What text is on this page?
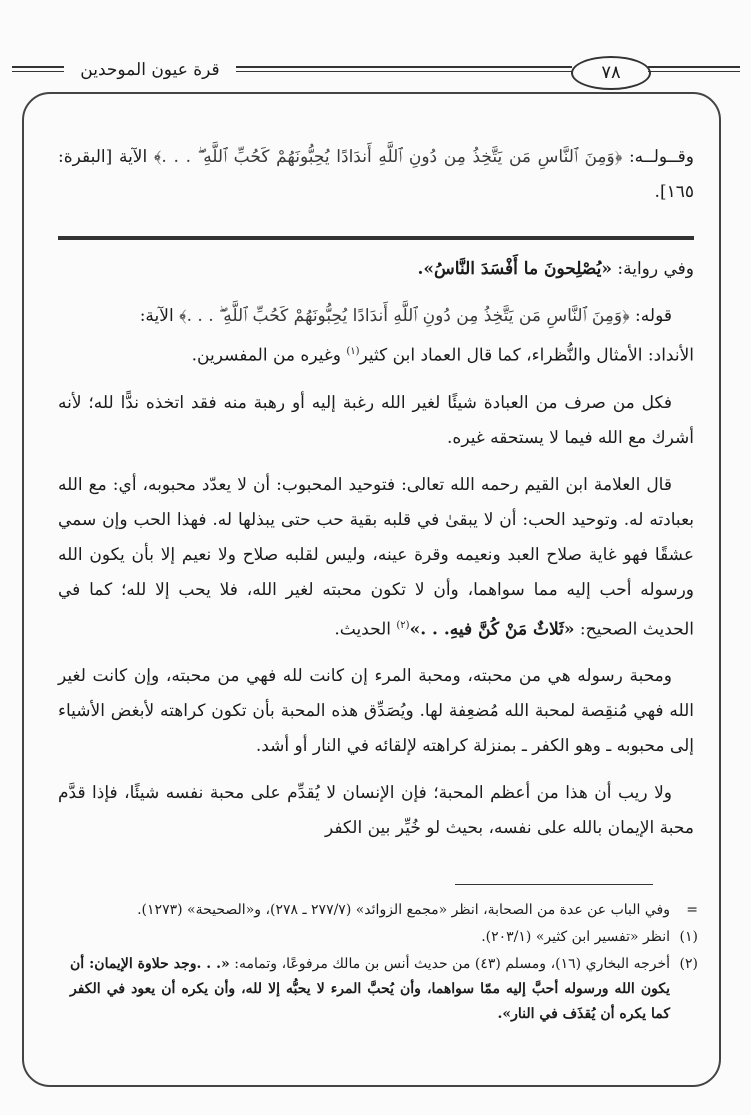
قرة عيون الموحدين	٧٨
وقــولــه: ﴿وَمِنَ ٱلنَّاسِ مَن يَتَّخِذُ مِن دُونِ ٱللَّهِ أَندَادًا يُحِبُّونَهُمْ كَحُبِّ ٱللَّهِ ۖ . . .﴾ الآية [البقرة: ١٦٥].

وفي رواية: «يُصْلِحونَ ما أَفْسَدَ النَّاسُ».

قوله: ﴿وَمِنَ ٱلنَّاسِ مَن يَتَّخِذُ مِن دُونِ ٱللَّهِ أَندَادًا يُحِبُّونَهُمْ كَحُبِّ ٱللَّهِ ۖ . . .﴾ الآية:

الأنداد: الأمثال والنُّظراء، كما قال العماد ابن كثير$^{(١)}$ وغيره من المفسرين.

فكل من صرف من العبادة شيئًا لغير الله رغبة إليه أو رهبة منه فقد اتخذه ندًّا لله؛ لأنه أشرك مع الله فيما لا يستحقه غيره.

قال العلامة ابن القيم رحمه الله تعالى: فتوحيد المحبوب: أن لا يعدّد محبوبه، أي: مع الله بعبادته له. وتوحيد الحب: أن لا يبقىٰ في قلبه بقية حب حتى يبذلها له. فهذا الحب وإن سمي عشقًا فهو غاية صلاح العبد ونعيمه وقرة عينه، وليس لقلبه صلاح ولا نعيم إلا بأن يكون الله ورسوله أحب إليه مما سواهما، وأن لا تكون محبته لغير الله، فلا يحب إلا لله؛ كما في الحديث الصحيح: «ثَلاثٌ مَنْ كُنَّ فيهِ. . .»$^{(٢)}$ الحديث.

ومحبة رسوله هي من محبته، ومحبة المرء إن كانت لله فهي من محبته، وإن كانت لغير الله فهي مُنقِصة لمحبة الله مُضعِفة لها. ويُصَدِّق هذه المحبة بأن تكون كراهته لأبغض الأشياء إلى محبوبه ـ وهو الكفر ـ بمنزلة كراهته لإلقائه في النار أو أشد.

ولا ريب أن هذا من أعظم المحبة؛ فإن الإنسان لا يُقدِّم على محبة نفسه شيئًا، فإذا قدَّم محبة الإيمان بالله على نفسه، بحيث لو خُيِّر بين الكفر

=
وفي الباب عن عدة من الصحابة، انظر «مجمع الزوائد» (٢٧٧/٧ ـ ٢٧٨)، و«الصحيحة» (١٢٧٣).
(١)
انظر «تفسير ابن كثير» (٢٠٣/١).
(٢)
أخرجه البخاري (١٦)، ومسلم (٤٣) من حديث أنس بن مالك مرفوعًا، وتمامه: «. . .وجد حلاوة الإيمان: أن يكون الله ورسوله أحبَّ إليه ممّا سواهما، وأن يُحبَّ المرء لا يحبُّه إلا لله، وأن يكره أن يعود في الكفر كما يكره أن يُقذَف في النار».
